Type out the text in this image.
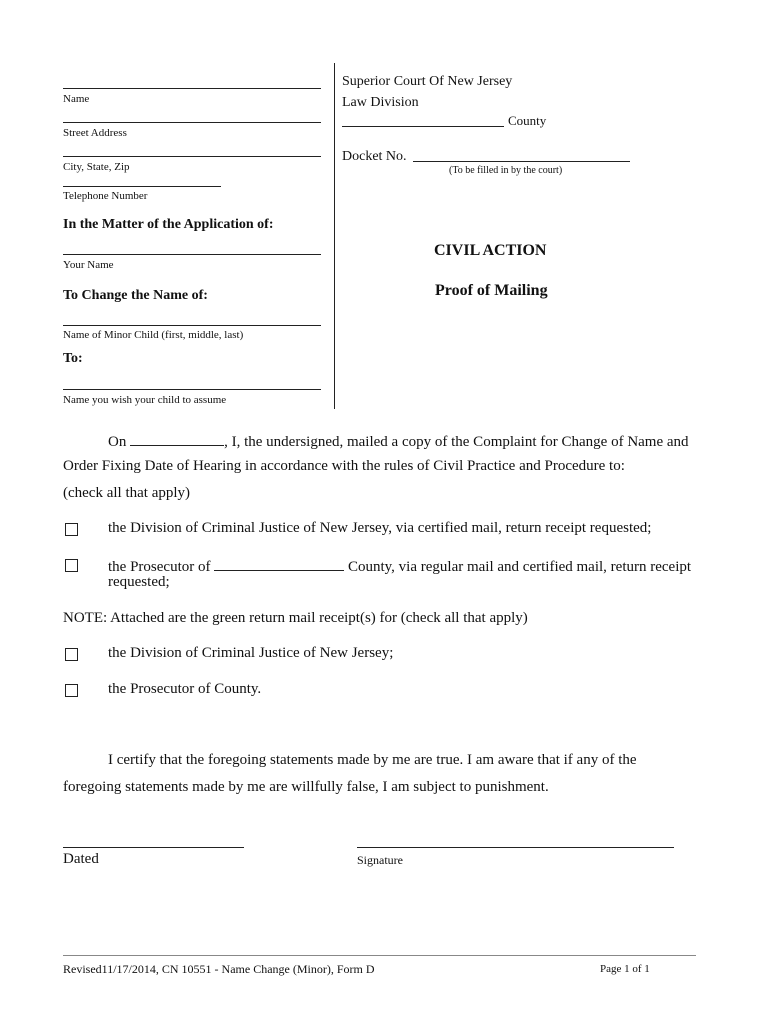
Name
Street Address
City, State, Zip
Telephone Number
In the Matter of the Application of:
Your Name
To Change the Name of:
Name of Minor Child (first, middle, last)
To:
Name you wish your child to assume
Superior Court Of New Jersey
Law Division
County
Docket No.
(To be filled in by the court)
CIVIL ACTION
Proof of Mailing
On	, I, the undersigned, mailed a copy of the Complaint for Change of Name and
Order Fixing Date of Hearing in accordance with the rules of Civil Practice and Procedure to:
(check all that apply)
the Division of Criminal Justice of New Jersey, via certified mail, return receipt requested;
the Prosecutor of	County, via regular mail and certified mail, return receipt
requested;
NOTE: Attached are the green return mail receipt(s) for (check all that apply)
the Division of Criminal Justice of New Jersey;
the Prosecutor of County.
I certify that the foregoing statements made by me are true. I am aware that if any of the
foregoing statements made by me are willfully false, I am subject to punishment.
Dated	Signature
Revised11/17/2014, CN 10551 - Name Change (Minor), Form D	Page 1 of 1
